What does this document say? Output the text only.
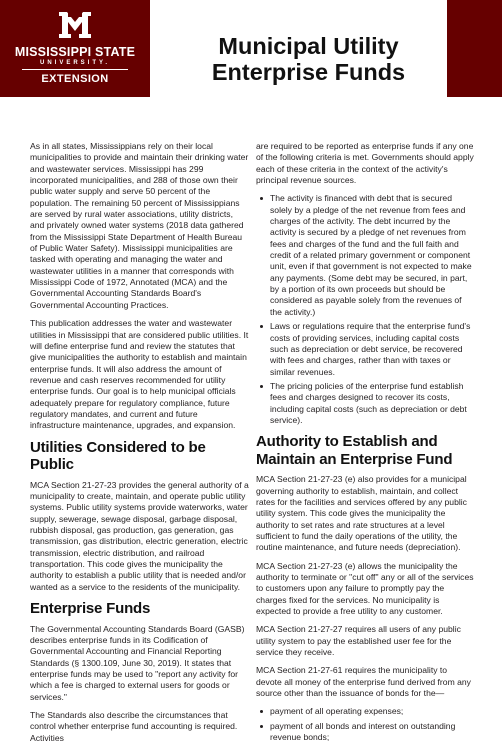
MISSISSIPPI STATE
UNIVERSITY.
EXTENSION
Municipal Utility
Enterprise Funds

As in all states, Mississippians rely on their local municipalities to provide and maintain their drinking water and wastewater services. Mississippi has 299 incorporated municipalities, and 288 of those own their public water supply and serve 50 percent of the population. The remaining 50 percent of Mississippians are served by rural water associations, utility districts, and privately owned water systems (2018 data gathered from the Mississippi State Department of Health Bureau of Public Water Safety). Mississippi municipalities are tasked with operating and managing the water and wastewater utilities in a manner that corresponds with Mississippi Code of 1972, Annotated (MCA) and the Governmental Accounting Standards Board's Governmental Accounting Practices.

This publication addresses the water and wastewater utilities in Mississippi that are considered public utilities. It will define enterprise fund and review the statutes that give municipalities the authority to establish and maintain enterprise funds. It will also address the amount of revenue and cash reserves recommended for utility enterprise funds. Our goal is to help municipal officials adequately prepare for regulatory compliance, future regulatory mandates, and current and future infrastructure maintenance, upgrades, and expansion.

Utilities Considered to be Public

MCA Section 21-27-23 provides the general authority of a municipality to create, maintain, and operate public utility systems. Public utility systems provide waterworks, water supply, sewerage, sewage disposal, garbage disposal, rubbish disposal, gas production, gas generation, gas transmission, gas distribution, electric generation, electric transmission, electric distribution, and railroad transportation. This code gives the municipality the authority to establish a public utility that is needed and/or wanted as a service to the residents of the municipality.

Enterprise Funds

The Governmental Accounting Standards Board (GASB) describes enterprise funds in its Codification of Governmental Accounting and Financial Reporting Standards (§ 1300.109, June 30, 2019). It states that enterprise funds may be used to "report any activity for which a fee is charged to external users for goods or services."

The Standards also describe the circumstances that control whether enterprise fund accounting is required. Activities

are required to be reported as enterprise funds if any one of the following criteria is met. Governments should apply each of these criteria in the context of the activity's principal revenue sources.

The activity is financed with debt that is secured solely by a pledge of the net revenue from fees and charges of the activity. The debt incurred by the activity is secured by a pledge of net revenues from fees and charges of the fund and the full faith and credit of a related primary government or component unit, even if that government is not expected to make any payments. (Some debt may be secured, in part, by a portion of its own proceeds but should be considered as payable solely from the revenues of the activity.)
Laws or regulations require that the enterprise fund's costs of providing services, including capital costs such as depreciation or debt service, be recovered with fees and charges, rather than with taxes or similar revenues.
The pricing policies of the enterprise fund establish fees and charges designed to recover its costs, including capital costs (such as depreciation or debt service).
Authority to Establish and Maintain an Enterprise Fund

MCA Section 21-27-23 (e) also provides for a municipal governing authority to establish, maintain, and collect rates for the facilities and services offered by any public utility system. This code gives the municipality the authority to set rates and rate structures at a level sufficient to fund the daily operations of the utility, the routine maintenance, and future needs (depreciation).

MCA Section 21-27-23 (e) allows the municipality the authority to terminate or "cut off" any or all of the services to customers upon any failure to promptly pay the charges fixed for the services. No municipality is expected to provide a free utility to any customer.

MCA Section 21-27-27 requires all users of any public utility system to pay the established user fee for the service they receive.

MCA Section 21-27-61 requires the municipality to devote all money of the enterprise fund derived from any source other than the issuance of bonds for the—

payment of all operating expenses;
payment of all bonds and interest on outstanding revenue bonds;
